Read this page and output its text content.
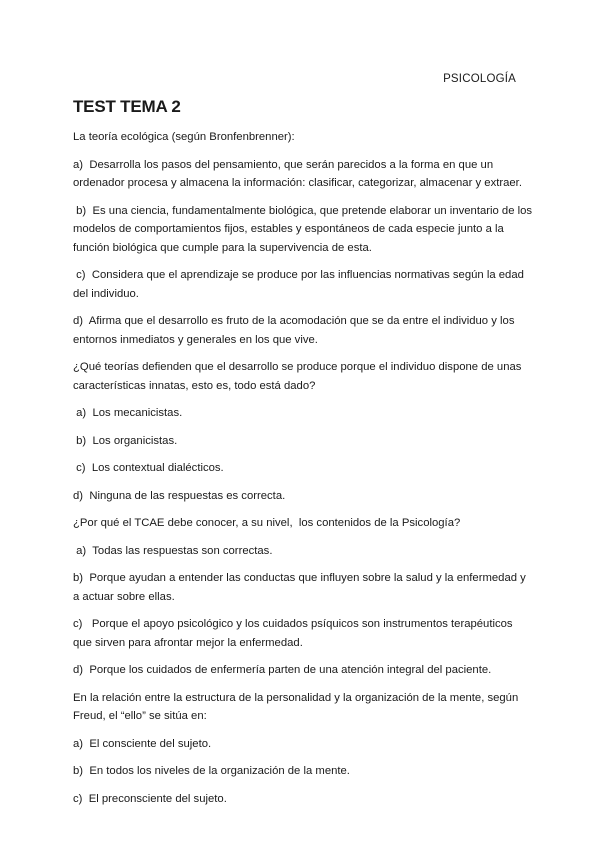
PSICOLOGÍA
TEST TEMA 2

La teoría ecológica (según Bronfenbrenner):

a)  Desarrolla los pasos del pensamiento, que serán parecidos a la forma en que un ordenador procesa y almacena la información: clasificar, categorizar, almacenar y extraer.

b)  Es una ciencia, fundamentalmente biológica, que pretende elaborar un inventario de los modelos de comportamientos fijos, estables y espontáneos de cada especie junto a la función biológica que cumple para la supervivencia de esta.

c)  Considera que el aprendizaje se produce por las influencias normativas según la edad del individuo.

d)  Afirma que el desarrollo es fruto de la acomodación que se da entre el individuo y los entornos inmediatos y generales en los que vive.

¿Qué teorías defienden que el desarrollo se produce porque el individuo dispone de unas características innatas, esto es, todo está dado?

a)  Los mecanicistas.

b)  Los organicistas.

c)  Los contextual dialécticos.

d)  Ninguna de las respuestas es correcta.

¿Por qué el TCAE debe conocer, a su nivel,  los contenidos de la Psicología?

a)  Todas las respuestas son correctas.

b)  Porque ayudan a entender las conductas que influyen sobre la salud y la enfermedad y a actuar sobre ellas.

c)   Porque el apoyo psicológico y los cuidados psíquicos son instrumentos terapéuticos que sirven para afrontar mejor la enfermedad.

d)  Porque los cuidados de enfermería parten de una atención integral del paciente.

En la relación entre la estructura de la personalidad y la organización de la mente, según Freud, el “ello” se sitúa en:

a)  El consciente del sujeto.

b)  En todos los niveles de la organización de la mente.

c)  El preconsciente del sujeto.
